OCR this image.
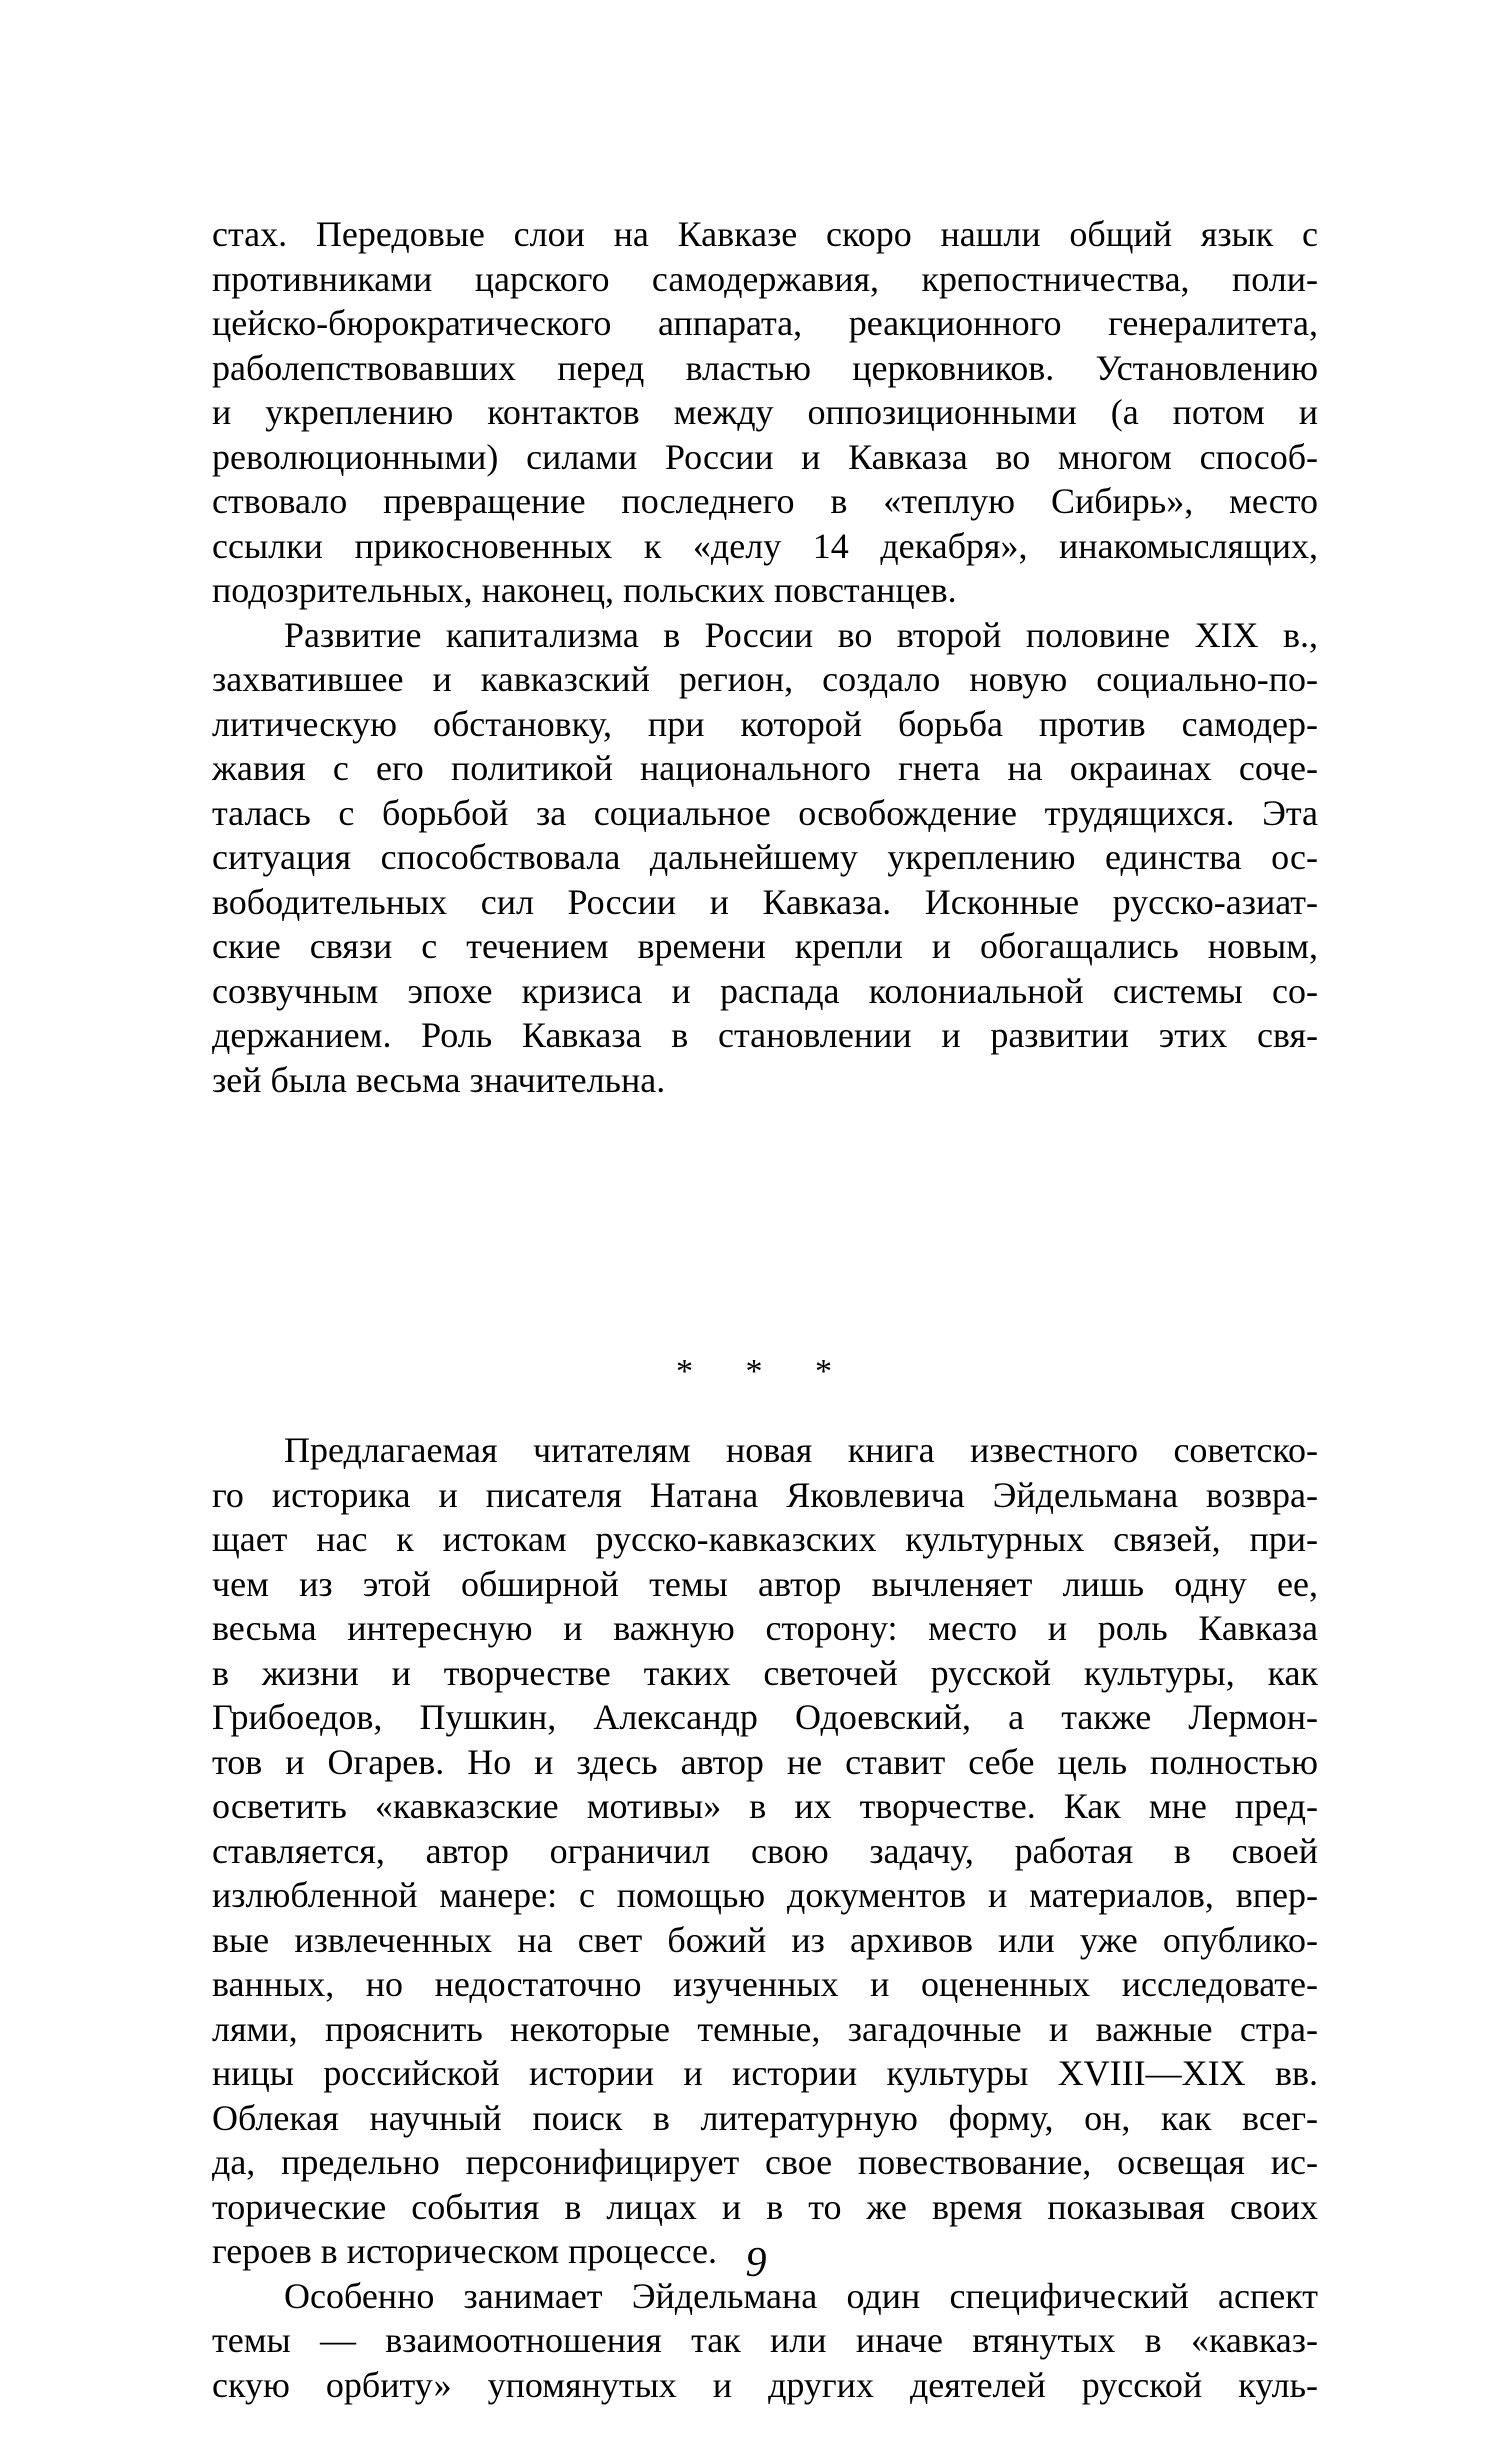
стах. Передовые слои на Кавказе скоро нашли общий язык с
противниками царского самодержавия, крепостничества, поли-
цейско-бюрократического аппарата, реакционного генералитета,
раболепствовавших перед властью церковников. Установлению
и укреплению контактов между оппозиционными (а потом и
революционными) силами России и Кавказа во многом способ-
ствовало превращение последнего в «теплую Сибирь», место
ссылки прикосновенных к «делу 14 декабря», инакомыслящих,
подозрительных, наконец, польских повстанцев.
Развитие капитализма в России во второй половине XIX в.,
захватившее и кавказский регион, создало новую социально-по-
литическую обстановку, при которой борьба против самодер-
жавия с его политикой национального гнета на окраинах соче-
талась с борьбой за социальное освобождение трудящихся. Эта
ситуация способствовала дальнейшему укреплению единства ос-
вободительных сил России и Кавказа. Исконные русско-азиат-
ские связи с течением времени крепли и обогащались новым,
созвучным эпохе кризиса и распада колониальной системы со-
держанием. Роль Кавказа в становлении и развитии этих свя-
зей была весьма значительна.
* * *
Предлагаемая читателям новая книга известного советско-
го историка и писателя Натана Яковлевича Эйдельмана возвра-
щает нас к истокам русско-кавказских культурных связей, при-
чем из этой обширной темы автор вычленяет лишь одну ее,
весьма интересную и важную сторону: место и роль Кавказа
в жизни и творчестве таких светочей русской культуры, как
Грибоедов, Пушкин, Александр Одоевский, а также Лермон-
тов и Огарев. Но и здесь автор не ставит себе цель полностью
осветить «кавказские мотивы» в их творчестве. Как мне пред-
ставляется, автор ограничил свою задачу, работая в своей
излюбленной манере: с помощью документов и материалов, впер-
вые извлеченных на свет божий из архивов или уже опублико-
ванных, но недостаточно изученных и оцененных исследовате-
лями, прояснить некоторые темные, загадочные и важные стра-
ницы российской истории и истории культуры XVIII—XIX вв.
Облекая научный поиск в литературную форму, он, как всег-
да, предельно персонифицирует свое повествование, освещая ис-
торические события в лицах и в то же время показывая своих
героев в историческом процессе.
Особенно занимает Эйдельмана один специфический аспект
темы — взаимоотношения так или иначе втянутых в «кавказ-
скую орбиту» упомянутых и других деятелей русской куль-
9
